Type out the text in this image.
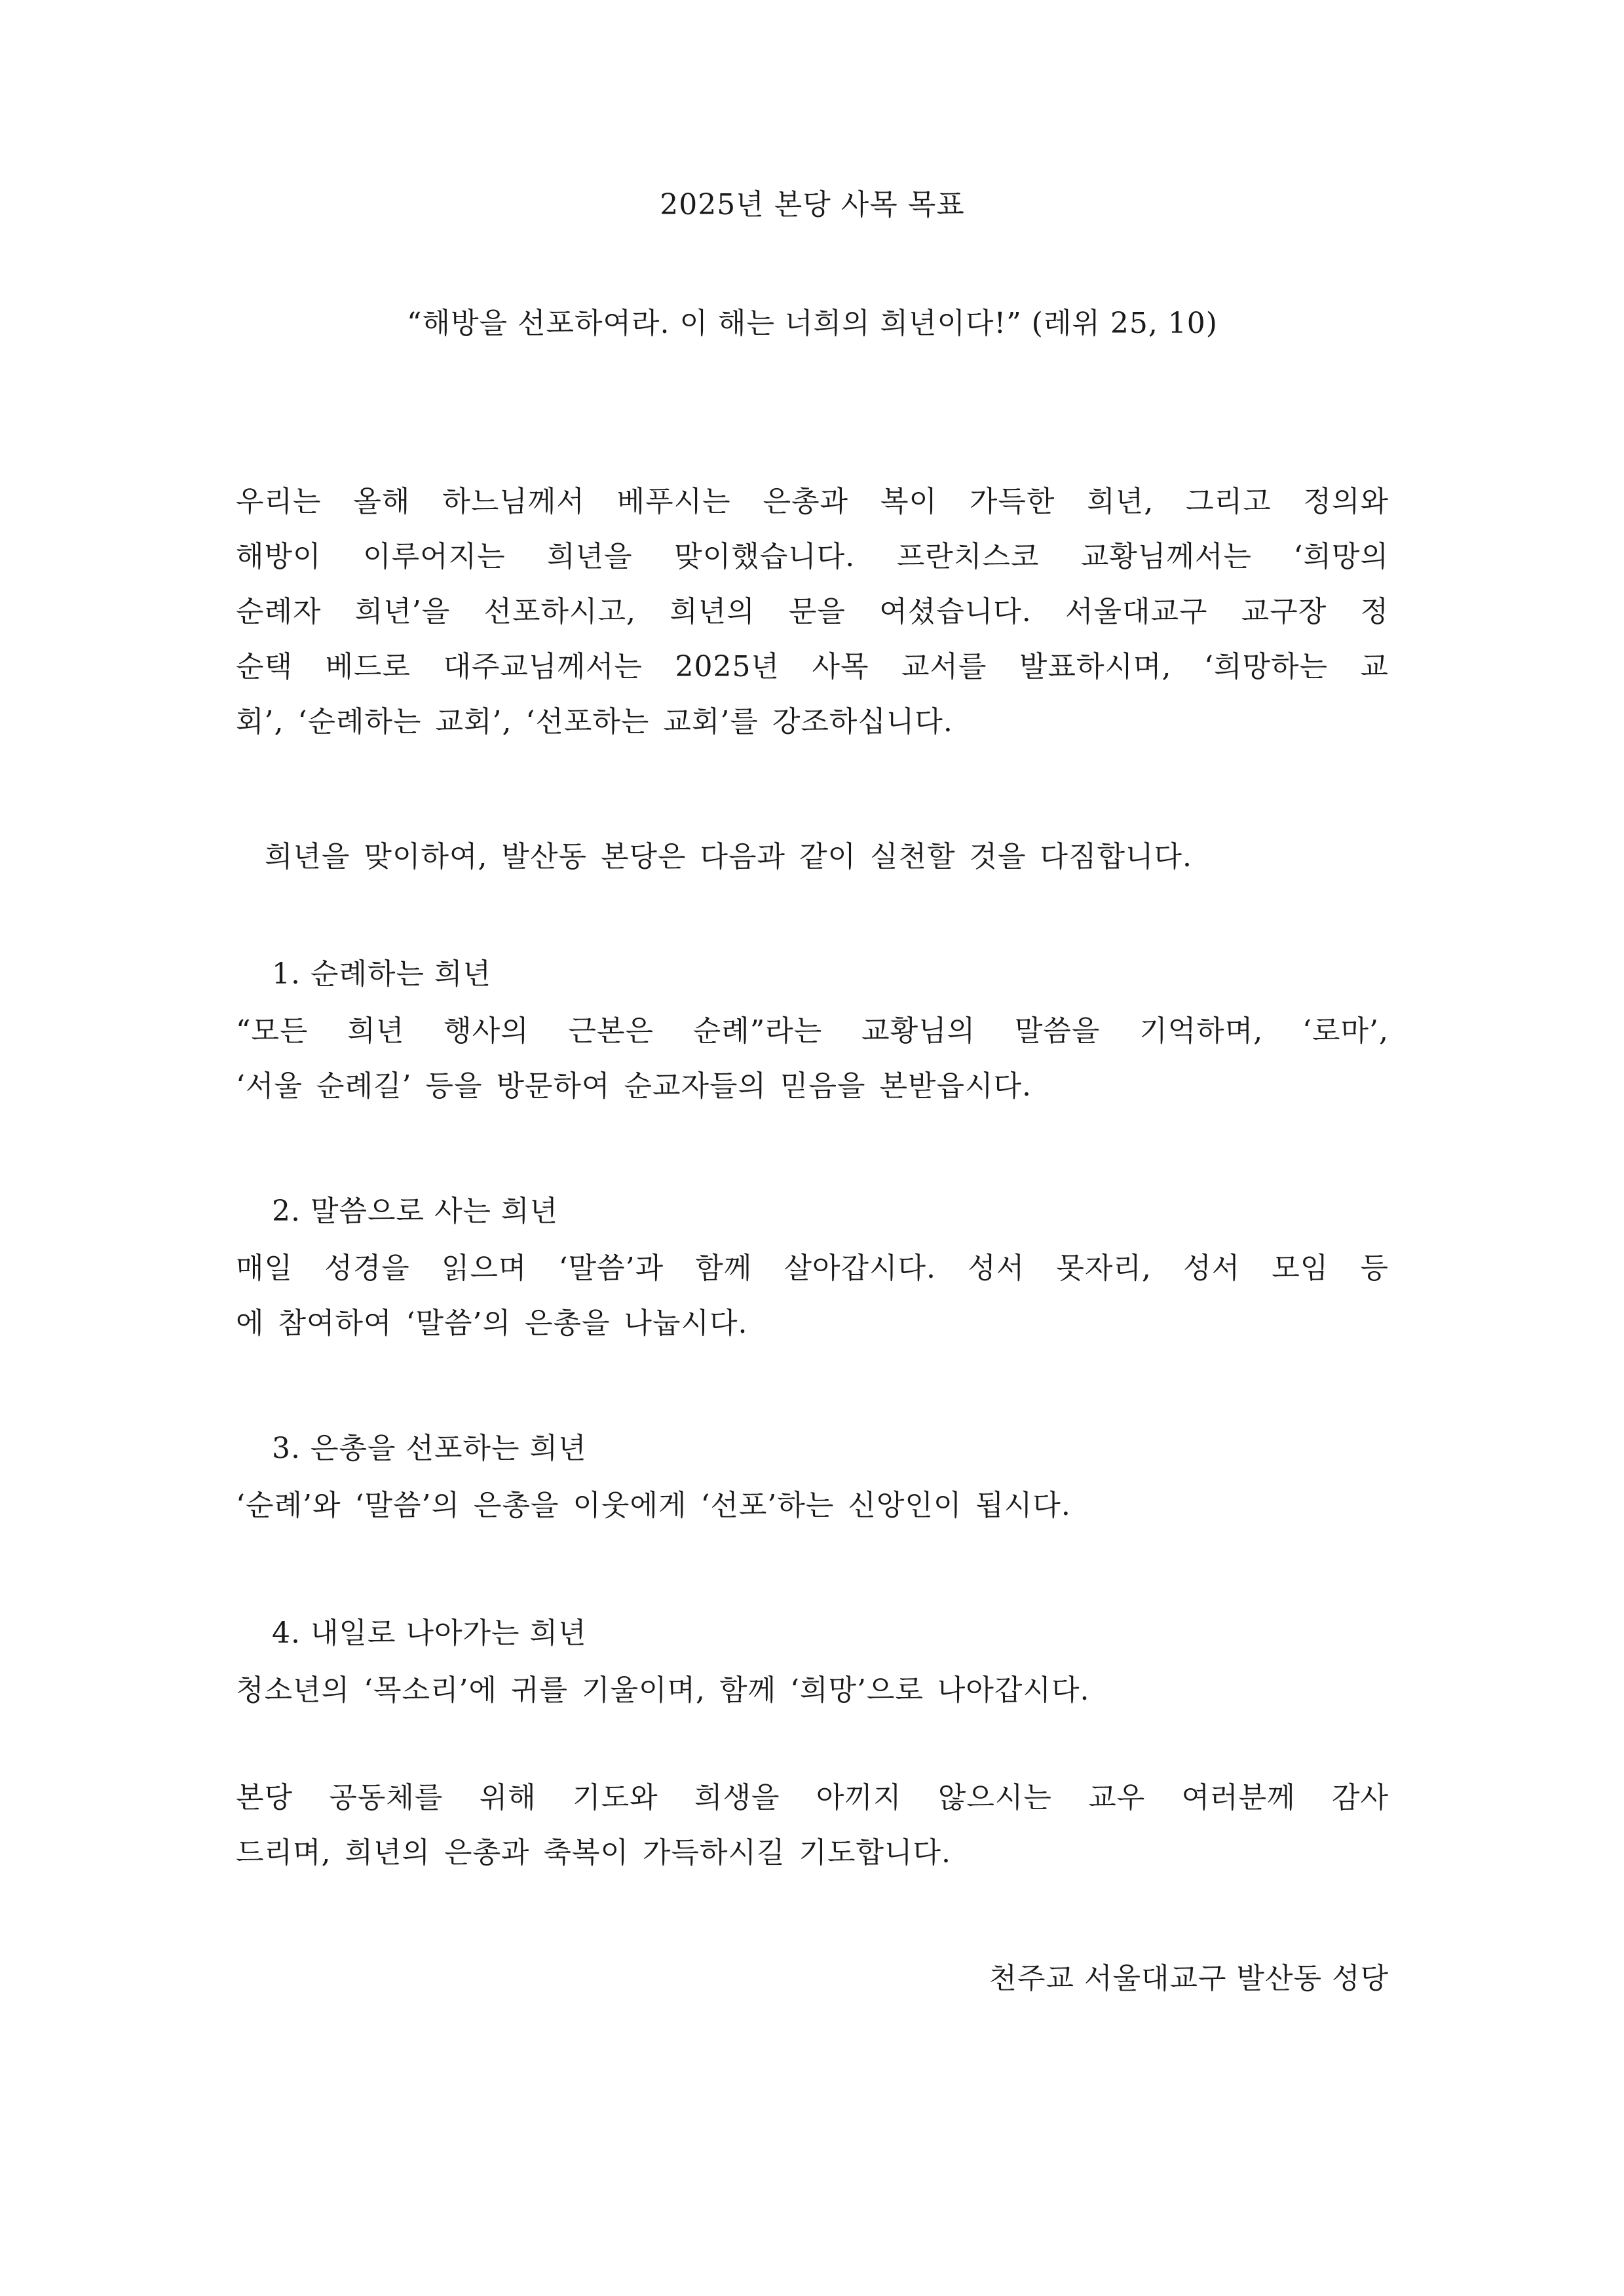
2025년 본당 사목 목표

“해방을 선포하여라. 이 해는 너희의 희년이다!” (레위 25, 10)

우리는 올해 하느님께서 베푸시는 은총과 복이 가득한 희년, 그리고 정의와
해방이 이루어지는 희년을 맞이했습니다. 프란치스코 교황님께서는 ‘희망의
순례자 희년’을 선포하시고, 희년의 문을 여셨습니다. 서울대교구 교구장 정
순택 베드로 대주교님께서는 2025년 사목 교서를 발표하시며, ‘희망하는 교
회’, ‘순례하는 교회’, ‘선포하는 교회’를 강조하십니다.

희년을 맞이하여, 발산동 본당은 다음과 같이 실천할 것을 다짐합니다.

1. 순례하는 희년

“모든 희년 행사의 근본은 순례”라는 교황님의 말씀을 기억하며, ‘로마’,
‘서울 순례길’ 등을 방문하여 순교자들의 믿음을 본받읍시다.

2. 말씀으로 사는 희년

매일 성경을 읽으며 ‘말씀’과 함께 살아갑시다. 성서 못자리, 성서 모임 등
에 참여하여 ‘말씀’의 은총을 나눕시다.

3. 은총을 선포하는 희년

‘순례’와 ‘말씀’의 은총을 이웃에게 ‘선포’하는 신앙인이 됩시다.

4. 내일로 나아가는 희년

청소년의 ‘목소리’에 귀를 기울이며, 함께 ‘희망’으로 나아갑시다.
본당 공동체를 위해 기도와 희생을 아끼지 않으시는 교우 여러분께 감사
드리며, 희년의 은총과 축복이 가득하시길 기도합니다.

천주교 서울대교구 발산동 성당
